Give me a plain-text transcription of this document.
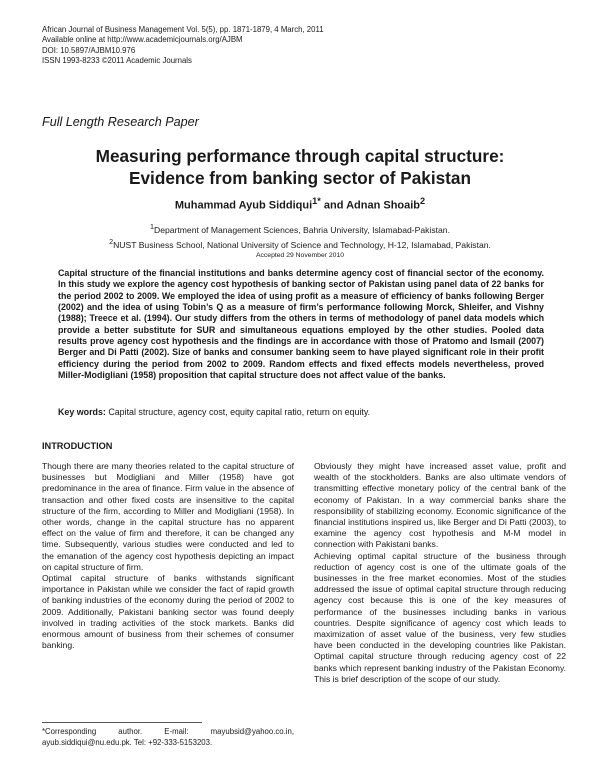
African Journal of Business Management Vol. 5(5), pp. 1871-1879, 4 March, 2011
Available online at http://www.academicjournals.org/AJBM
DOI: 10.5897/AJBM10.976
ISSN 1993-8233 ©2011 Academic Journals
Full Length Research Paper
Measuring performance through capital structure:
Evidence from banking sector of Pakistan
Muhammad Ayub Siddiqui$^{1*}$ and Adnan Shoaib$^2$
$^1$Department of Management Sciences, Bahria University, Islamabad-Pakistan.
$^2$NUST Business School, National University of Science and Technology, H-12, Islamabad, Pakistan.
Accepted 29 November 2010

Capital structure of the financial institutions and banks determine agency cost of financial sector of the economy. In this study we explore the agency cost hypothesis of banking sector of Pakistan using panel data of 22 banks for the period 2002 to 2009. We employed the idea of using profit as a measure of efficiency of banks following Berger (2002) and the idea of using Tobin’s Q as a measure of firm’s performance following Morck, Shleifer, and Vishny (1988); Treece et al. (1994). Our study differs from the others in terms of methodology of panel data models which provide a better substitute for SUR and simultaneous equations employed by the other studies. Pooled data results prove agency cost hypothesis and the findings are in accordance with those of Pratomo and Ismail (2007) Berger and Di Patti (2002). Size of banks and consumer banking seem to have played significant role in their profit efficiency during the period from 2002 to 2009. Random effects and fixed effects models nevertheless, proved Miller-Modigliani (1958) proposition that capital structure does not affect value of the banks.

Key words: Capital structure, agency cost, equity capital ratio, return on equity.
INTRODUCTION

Though there are many theories related to the capital structure of businesses but Modigliani and Miller (1958) have got predominance in the area of finance. Firm value in the absence of transaction and other fixed costs are insensitive to the capital structure of the firm, according to Miller and Modigliani (1958). In other words, change in the capital structure has no apparent effect on the value of firm and therefore, it can be changed any time. Subsequently, various studies were conducted and led to the emanation of the agency cost hypothesis depicting an impact on capital structure of firm.
Optimal capital structure of banks withstands significant importance in Pakistan while we consider the fact of rapid growth of banking industries of the economy during the period of 2002 to 2009. Additionally, Pakistani banking sector was found deeply involved in trading activities of the stock markets. Banks did enormous amount of business from their schemes of consumer banking.

Obviously they might have increased asset value, profit and wealth of the stockholders. Banks are also ultimate vendors of transmitting effective monetary policy of the central bank of the economy of Pakistan. In a way commercial banks share the responsibility of stabilizing economy. Economic significance of the financial institutions inspired us, like Berger and Di Patti (2003), to examine the agency cost hypothesis and M-M model in connection with Pakistani banks.
Achieving optimal capital structure of the business through reduction of agency cost is one of the ultimate goals of the businesses in the free market economies. Most of the studies addressed the issue of optimal capital structure through reducing agency cost because this is one of the key measures of performance of the businesses including banks in various countries. Despite significance of agency cost which leads to maximization of asset value of the business, very few studies have been conducted in the developing countries like Pakistan. Optimal capital structure through reducing agency cost of 22 banks which represent banking industry of the Pakistan Economy. This is brief description of the scope of our study.

*Corresponding author. E-mail: mayubsid@yahoo.co.in, ayub.siddiqui@nu.edu.pk. Tel: +92-333-5153203.
